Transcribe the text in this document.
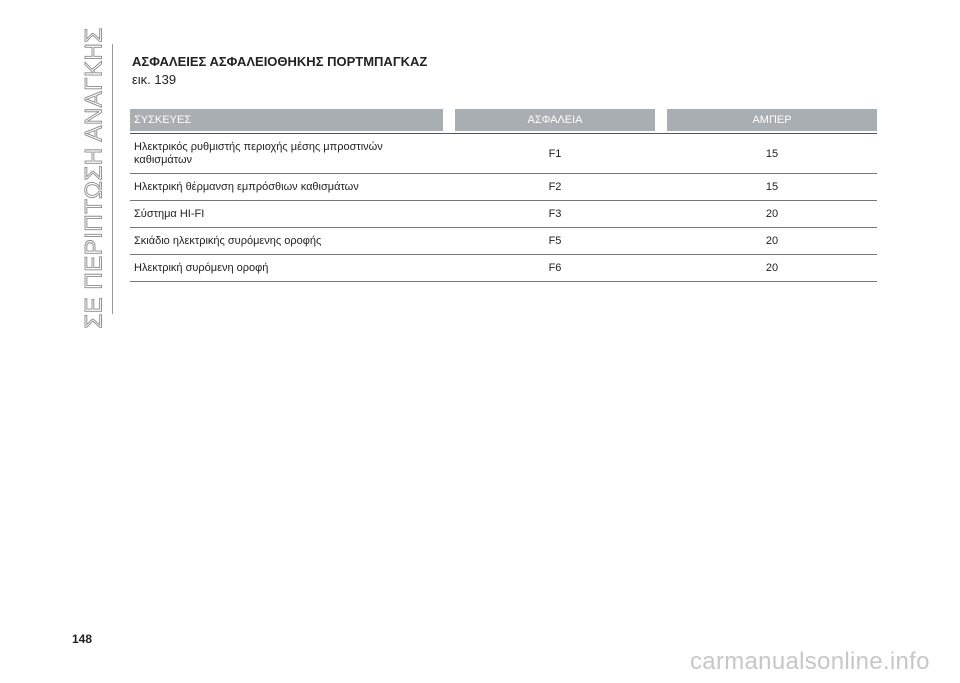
ΣΕ ΠΕΡΙΠΤΩΣΗ ΑΝΑΓΚΗΣ ΑΣΦΑΛΕΙΕΣ ΑΣΦΑΛΕΙΟΘΗΚΗΣ ΠΟΡΤΜΠΑΓΚΑΖ
εικ. 139
ΣΥΣΚΕΥΕΣ	ΑΣΦΑΛΕΙΑ	ΑΜΠΕΡ
Ηλεκτρικός ρυθμιστής περιοχής μέσης μπροστινών
καθισμάτων	F1	15
Ηλεκτρική θέρμανση εμπρόσθιων καθισμάτων	F2	15
Σύστημα HI-FI	F3	20
Σκιάδιο ηλεκτρικής συρόμενης οροφής	F5	20
Ηλεκτρική συρόμενη οροφή	F6	20
148
carmanualsonline.info
